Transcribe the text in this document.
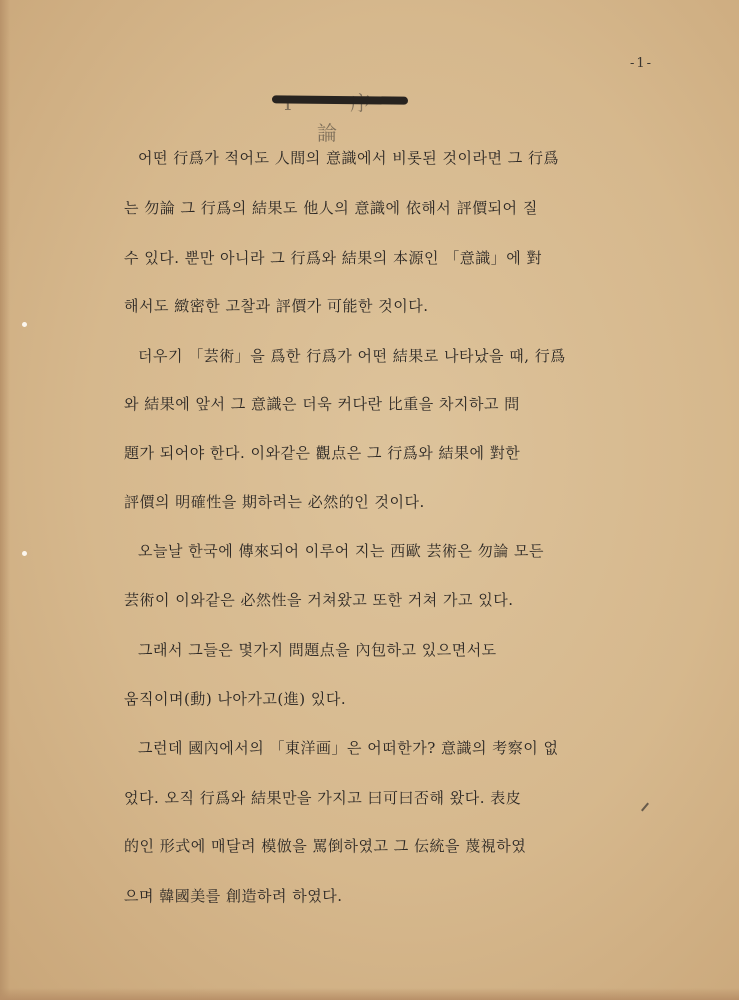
-1-
論
어떤 行爲가 적어도 人間의 意識에서 비롯된 것이라면 그 行爲
는 勿論 그 行爲의 結果도 他人의 意識에 依해서 評價되어 질
수 있다. 뿐만 아니라 그 行爲와 結果의 本源인 「意識」에 對
해서도 緻密한 고찰과 評價가 可能한 것이다.
더우기 「芸術」을 爲한 行爲가 어떤 結果로 나타났을 때, 行爲
와 結果에 앞서 그 意識은 더욱 커다란 比重을 차지하고 問
題가 되어야 한다. 이와같은 觀点은 그 行爲와 結果에 對한
評價의 明確性을 期하려는 必然的인 것이다.
오늘날 한국에 傳來되어 이루어 지는 西歐 芸術은 勿論 모든
芸術이 이와같은 必然性을 거쳐왔고 또한 거쳐 가고 있다.
그래서 그들은 몇가지 問題点을 內包하고 있으면서도
움직이며(動) 나아가고(進) 있다.
그런데 國內에서의 「東洋画」은 어떠한가? 意識의 考察이 없
었다. 오직 行爲와 結果만을 가지고 曰可曰否해 왔다. 表皮
的인 形式에 매달려 模倣을 罵倒하였고 그 伝統을 蔑視하였
으며 韓國美를 創造하려 하였다.
